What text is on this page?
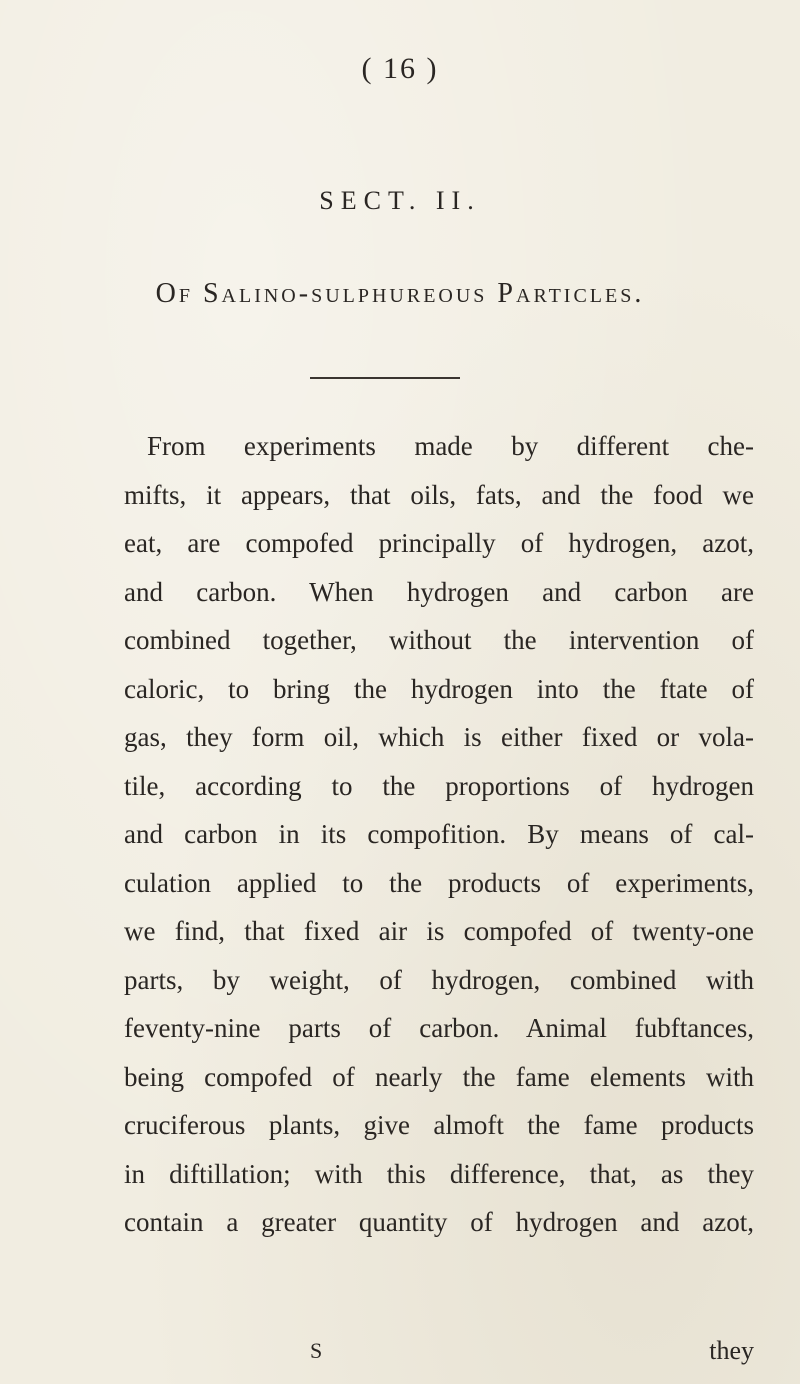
( 16 )
SECT. II.
Of Salino-sulphureous Particles.
From experiments made by different che-
mifts, it appears, that oils, fats, and the food we
eat, are compofed principally of hydrogen, azot,
and carbon. When hydrogen and carbon are
combined together, without the intervention of
caloric, to bring the hydrogen into the ftate of
gas, they form oil, which is either fixed or vola-
tile, according to the proportions of hydrogen
and carbon in its compofition. By means of cal-
culation applied to the products of experiments,
we find, that fixed air is compofed of twenty-one
parts, by weight, of hydrogen, combined with
feventy-nine parts of carbon. Animal fubftances,
being compofed of nearly the fame elements with
cruciferous plants, give almoft the fame products
in diftillation; with this difference, that, as they
contain a greater quantity of hydrogen and azot,
S	they
